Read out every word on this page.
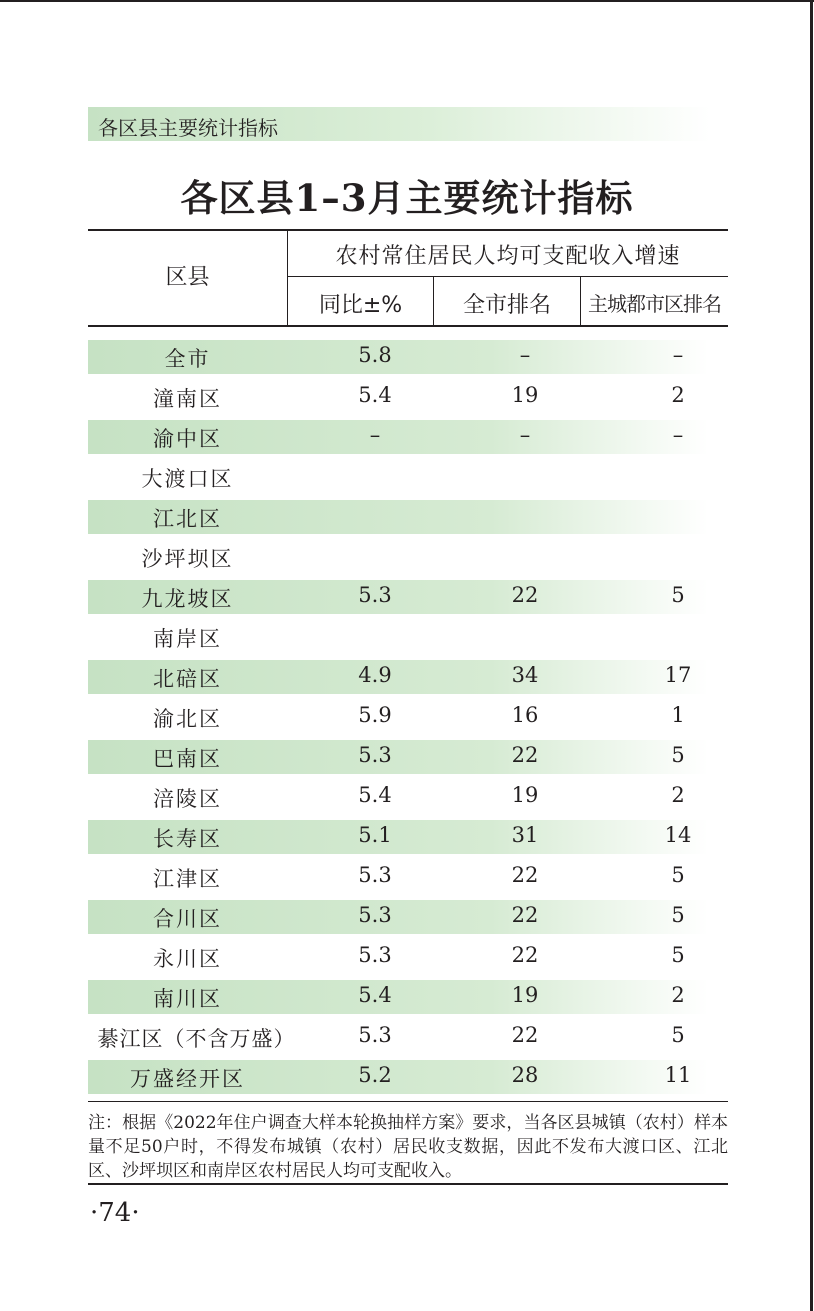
各区县主要统计指标
各区县1–3月主要统计指标
区县
农村常住居民人均可支配收入增速
同比±%	全市排名	主城都市区排名
全市	5.8	–	–
潼南区	5.4	19	2
渝中区	–	–	–
大渡口区
江北区
沙坪坝区
九龙坡区	5.3	22	5
南岸区
北碚区	4.9	34	17
渝北区	5.9	16	1
巴南区	5.3	22	5
涪陵区	5.4	19	2
长寿区	5.1	31	14
江津区	5.3	22	5
合川区	5.3	22	5
永川区	5.3	22	5
南川区	5.4	19	2
綦江区（不含万盛）	5.3	22	5
万盛经开区	5.2	28	11
注：根据《2022年住户调查大样本轮换抽样方案》要求，当各区县城镇（农村）样本量不足50户时，不得发布城镇（农村）居民收支数据，因此不发布大渡口区、江北区、沙坪坝区和南岸区农村居民人均可支配收入。
·74·
